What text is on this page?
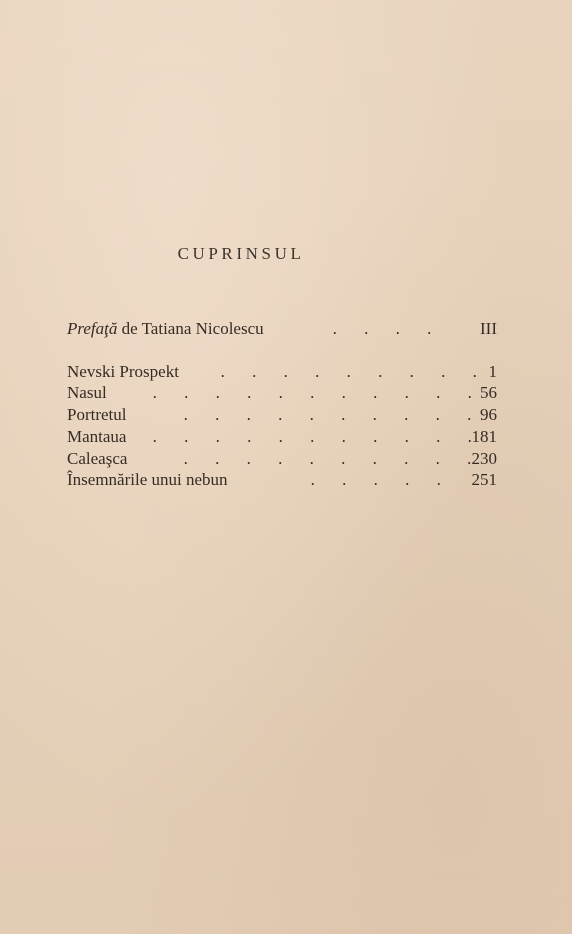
CUPRINSUL
Prefaţă de Tatiana Nicolescu	. . . .	III
Nevski Prospekt	. . . . . . . . . 1
Nasul	. . . . . . . . . . . 56
Portretul	. . . . . . . . . . 96
Mantaua	. . . . . . . . . . . 181
Caleaşca	. . . . . . . . . . 230
Însemnările unui nebun	. . . . .	251
